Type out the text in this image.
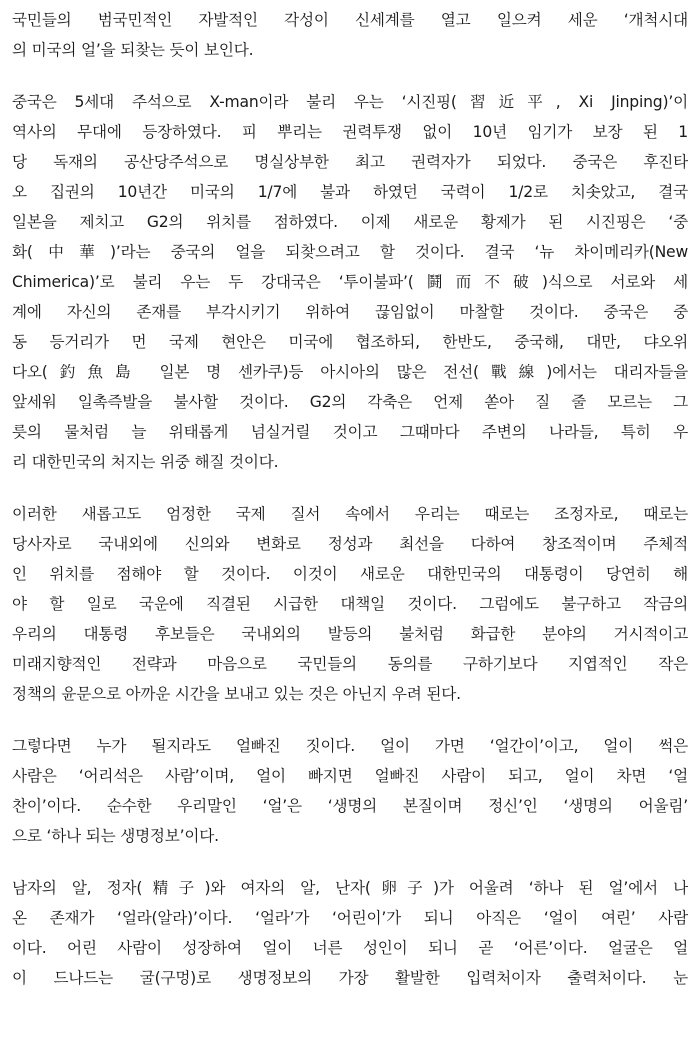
국민들의 범국민적인 자발적인 각성이 신세계를 열고 일으켜 세운 ‘개척시대
의 미국의 얼’을 되찾는 듯이 보인다.
중국은 5세대 주석으로 X-man이라 불리 우는 ‘시진핑(習近平, Xi Jinping)’이
역사의 무대에 등장하였다. 피 뿌리는 권력투쟁 없이 10년 임기가 보장 된 1
당 독재의 공산당주석으로 명실상부한 최고 권력자가 되었다. 중국은 후진타
오 집권의 10년간 미국의 1/7에 불과 하였던 국력이 1/2로 치솟았고, 결국
일본을 제치고 G2의 위치를 점하였다. 이제 새로운 황제가 된 시진핑은 ‘중
화(中華)’라는 중국의 얼을 되찾으려고 할 것이다. 결국 ‘뉴 차이메리카(New
Chimerica)’로 불리 우는 두 강대국은 ‘투이불파’(鬪而不破)식으로 서로와 세
계에 자신의 존재를 부각시키기 위하여 끊임없이 마찰할 것이다. 중국은 중
동 등거리가 먼 국제 현안은 미국에 협조하되, 한반도, 중국해, 대만, 댜오위
다오(釣魚島 일본 명 센카쿠)등 아시아의 많은 전선(戰線)에서는 대리자들을
앞세워 일촉즉발을 불사할 것이다. G2의 각축은 언제 쏟아 질 줄 모르는 그
릇의 물처럼 늘 위태롭게 넘실거릴 것이고 그때마다 주변의 나라들, 특히 우
리 대한민국의 처지는 위중 해질 것이다.
이러한 새롭고도 엄정한 국제 질서 속에서 우리는 때로는 조정자로, 때로는
당사자로 국내외에 신의와 변화로 정성과 최선을 다하여 창조적이며 주체적
인 위치를 점해야 할 것이다. 이것이 새로운 대한민국의 대통령이 당연히 해
야 할 일로 국운에 직결된 시급한 대책일 것이다. 그럼에도 불구하고 작금의
우리의 대통령 후보들은 국내외의 발등의 불처럼 화급한 분야의 거시적이고
미래지향적인 전략과 마음으로 국민들의 동의를 구하기보다 지엽적인 작은
정책의 윤문으로 아까운 시간을 보내고 있는 것은 아닌지 우려 된다.
그렇다면 누가 될지라도 얼빠진 짓이다. 얼이 가면 ‘얼간이’이고, 얼이 썩은
사람은 ‘어리석은 사람’이며, 얼이 빠지면 얼빠진 사람이 되고, 얼이 차면 ‘얼
찬이’이다. 순수한 우리말인 ‘얼’은 ‘생명의 본질이며 정신’인 ‘생명의 어울림’
으로 ‘하나 되는 생명정보’이다.
남자의 알, 정자(精子)와 여자의 알, 난자(卵子)가 어울려 ‘하나 된 얼’에서 나
온 존재가 ‘얼라(알라)’이다. ‘얼라’가 ‘어린이’가 되니 아직은 ‘얼이 여린’ 사람
이다. 어린 사람이 성장하여 얼이 너른 성인이 되니 곧 ‘어른’이다. 얼굴은 얼
이 드나드는 굴(구멍)로 생명정보의 가장 활발한 입력처이자 출력처이다. 눈
